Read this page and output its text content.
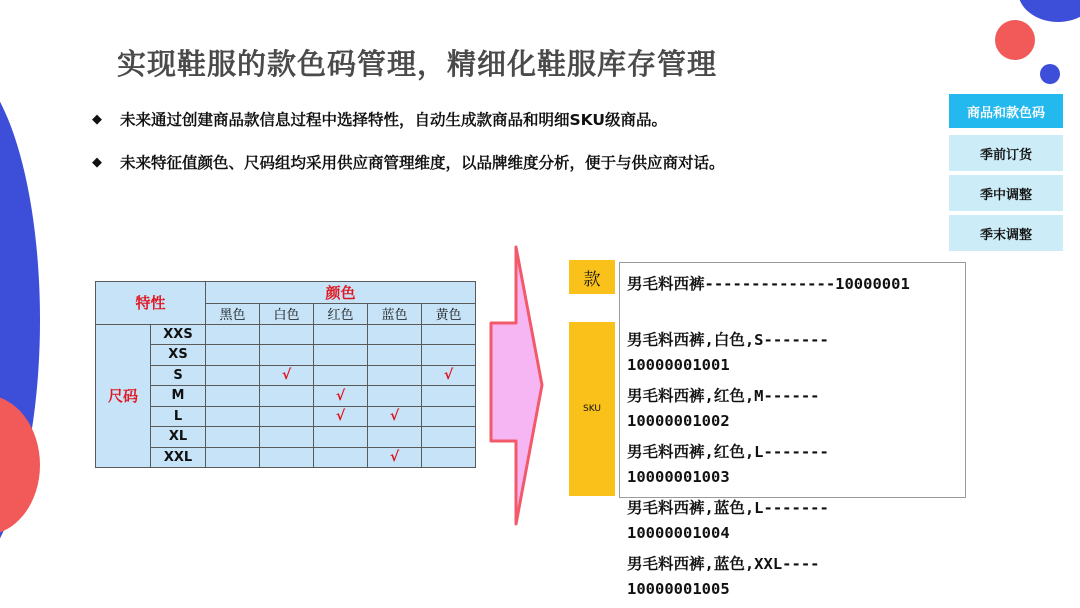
实现鞋服的款色码管理，精细化鞋服库存管理
◆ 未来通过创建商品款信息过程中选择特性，自动生成款商品和明细SKU级商品。
◆ 未来特征值颜色、尺码组均采用供应商管理维度，以品牌维度分析，便于与供应商对话。
商品和款色码
季前订货
季中调整
季末调整
特性		颜色				
		黑色	白色	红色	蓝色	黄色
尺码	XXS					
	XS					
	S		√			√
	M			√		
	L			√	√	
	XL					
	XXL				√	
款
SKU
男毛料西裤--------------10000001
男毛料西裤,白色,S-------
10000001001
男毛料西裤,红色,M------
10000001002
男毛料西裤,红色,L-------
10000001003
男毛料西裤,蓝色,L-------
10000001004
男毛料西裤,蓝色,XXL----
10000001005
